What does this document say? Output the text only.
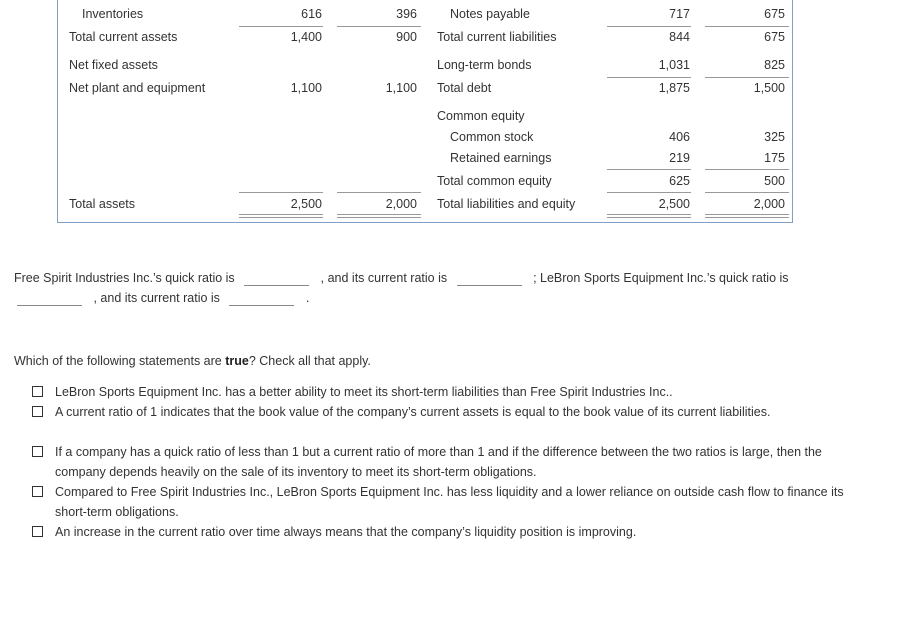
Inventories	616	396
Total current assets	1,400	900
Net fixed assets
Net plant and equipment	1,100	1,100
Total assets	2,500	2,000
Notes payable	717	675
Total current liabilities	844	675
Long-term bonds	1,031	825
Total debt	1,875	1,500
Common equity
Common stock	406	325
Retained earnings	219	175
Total common equity	625	500
Total liabilities and equity	2,500	2,000
Free Spirit Industries Inc.’s quick ratio is	, and its current ratio is	; LeBron Sports Equipment Inc.’s quick ratio is
, and its current ratio is	.
Which of the following statements are true? Check all that apply.
LeBron Sports Equipment Inc. has a better ability to meet its short-term liabilities than Free Spirit Industries Inc..
A current ratio of 1 indicates that the book value of the company’s current assets is equal to the book value of its current liabilities.
If a company has a quick ratio of less than 1 but a current ratio of more than 1 and if the difference between the two ratios is large, then the company depends heavily on the sale of its inventory to meet its short-term obligations.
Compared to Free Spirit Industries Inc., LeBron Sports Equipment Inc. has less liquidity and a lower reliance on outside cash flow to finance its short-term obligations.
An increase in the current ratio over time always means that the company’s liquidity position is improving.
